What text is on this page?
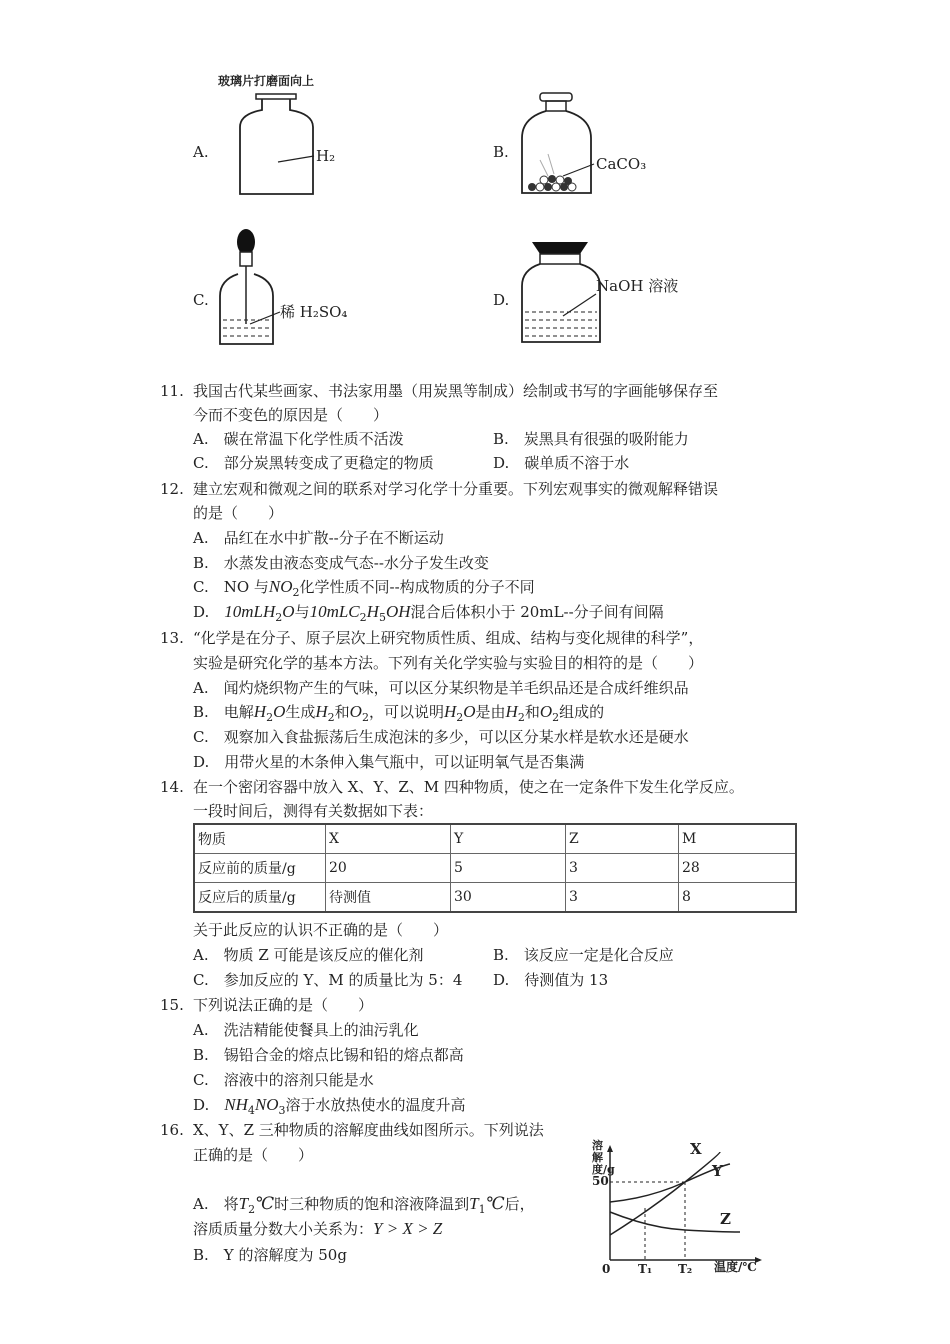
A.
玻璃片打磨面向上
H₂	B.
CaCO₃
C.
稀 H₂SO₄
D.
NaOH 溶液
11. 我国古代某些画家、书法家用墨（用炭黑等制成）绘制或书写的字画能够保存至
今而不变色的原因是（　　）
A.　碳在常温下化学性质不活泼	B.　炭黑具有很强的吸附能力
C.　部分炭黑转变成了更稳定的物质	D.　碳单质不溶于水
12. 建立宏观和微观之间的联系对学习化学十分重要。下列宏观事实的微观解释错误
的是（　　）
A.　品红在水中扩散--分子在不断运动
B.　水蒸发由液态变成气态--水分子发生改变
C.　NO 与$NO_2$化学性质不同--构成物质的分子不同
D.　10mLH$_2$O与$10mLC_2H_5OH$混合后体积小于 20mL--分子间有间隔
13. “化学是在分子、原子层次上研究物质性质、组成、结构与变化规律的科学”，
实验是研究化学的基本方法。下列有关化学实验与实验目的相符的是（　　）
A.　闻灼烧织物产生的气味，可以区分某织物是羊毛织品还是合成纤维织品
B.　电解$H_2O$生成$H_2$和$O_2$，可以说明$H_2O$是由$H_2$和$O_2$组成的
C.　观察加入食盐振荡后生成泡沫的多少，可以区分某水样是软水还是硬水
D.　用带火星的木条伸入集气瓶中，可以证明氧气是否集满
14. 在一个密闭容器中放入 X、Y、Z、M 四种物质，使之在一定条件下发生化学反应。
一段时间后，测得有关数据如下表：
物质	X	Y	Z	M
反应前的质量/g	20	5	3	28
反应后的质量/g	待测值	30	3	8
关于此反应的认识不正确的是（　　）
A.　物质 Z 可能是该反应的催化剂	B.　该反应一定是化合反应
C.　参加反应的 Y、M 的质量比为 5：4 D.　待测值为 13
15. 下列说法正确的是（　　）
A.　洗洁精能使餐具上的油污乳化
B.　锡铅合金的熔点比锡和铅的熔点都高
C.　溶液中的溶剂只能是水
D.　$NH_4NO_3$溶于水放热使水的温度升高
16. X、Y、Z 三种物质的溶解度曲线如图所示。下列说法
正确的是（　　）
A.　将$T_2℃$时三种物质的饱和溶液降温到$T_1℃$后，
溶质质量分数大小关系为：Y > X > Z
B.　Y 的溶解度为 50g
溶解度/g
50
0 T₁ T₂ 温度/℃
X
Y
Z
